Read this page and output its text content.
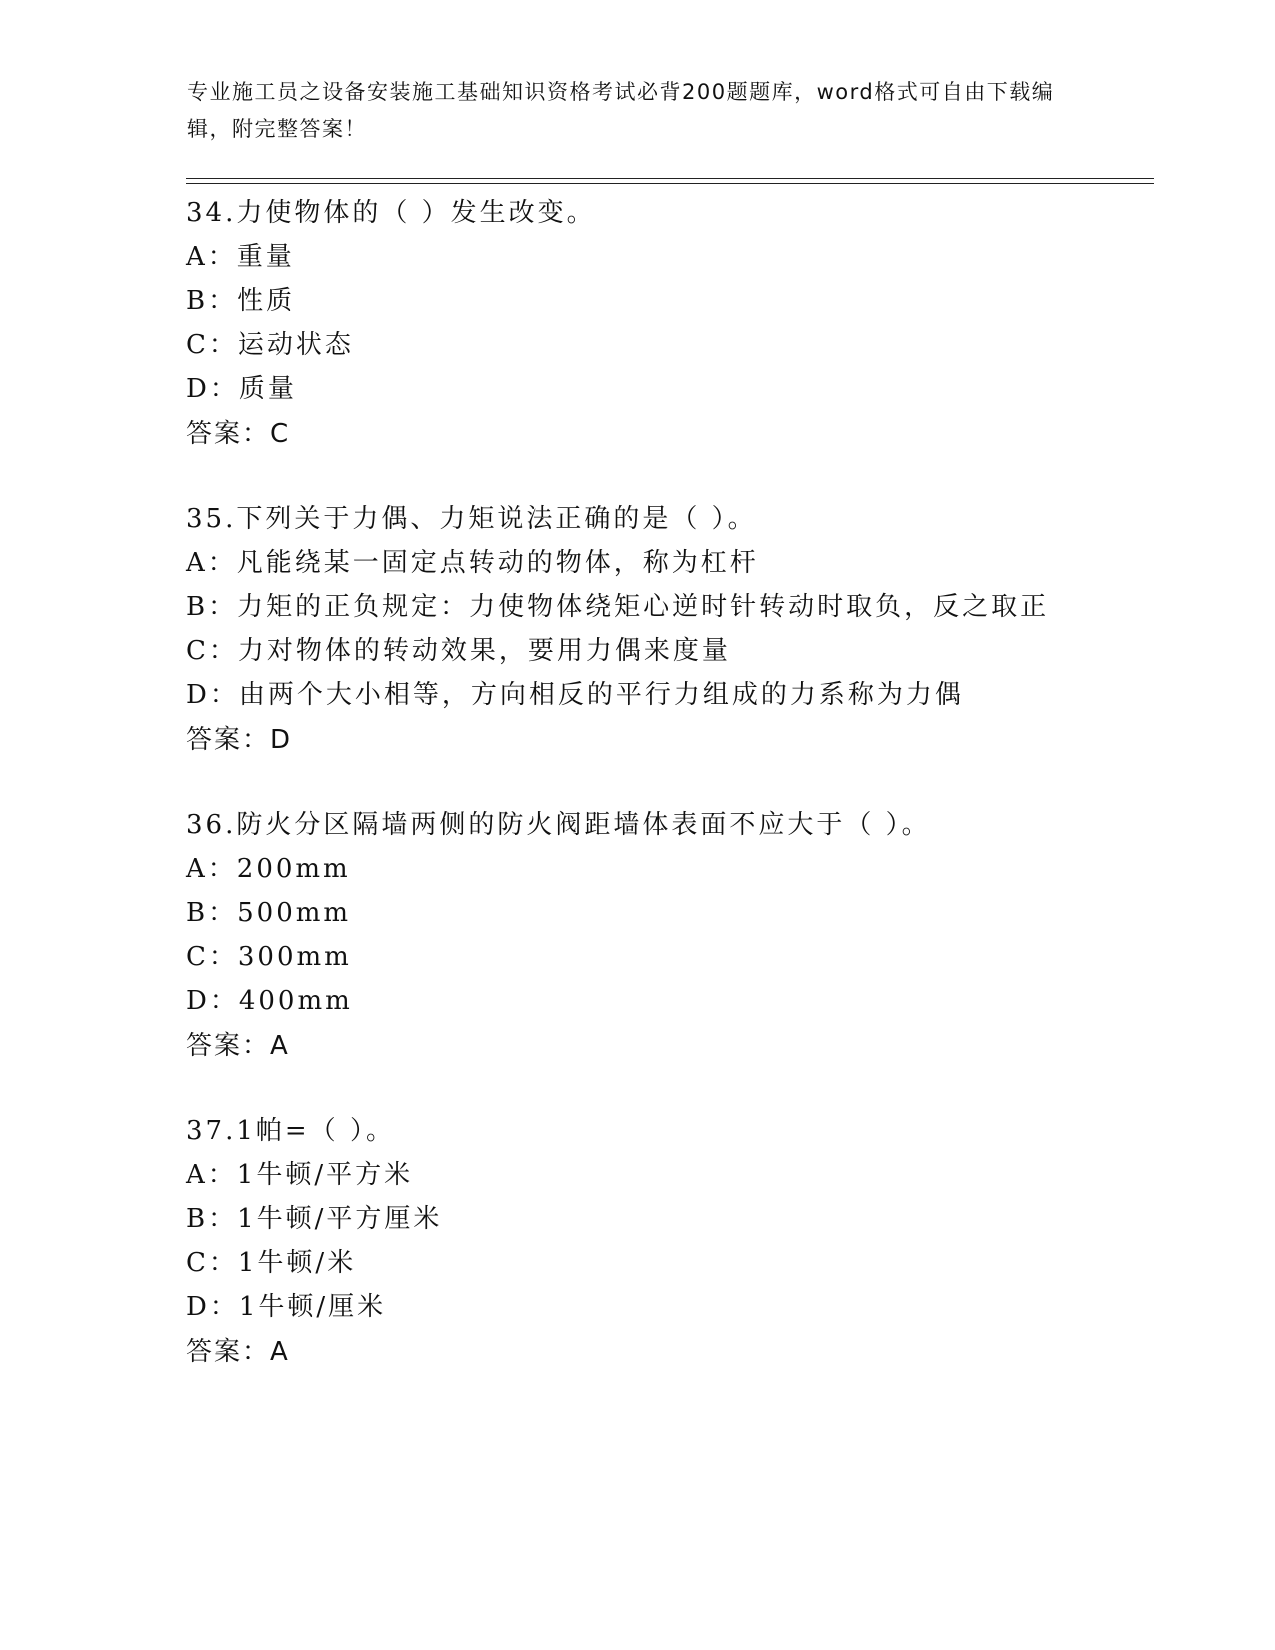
专业施工员之设备安装施工基础知识资格考试必背200题题库，word格式可自由下载编辑，附完整答案！
34.力使物体的（ ）发生改变。
A：重量
B：性质
C：运动状态
D：质量
答案：C
35.下列关于力偶、力矩说法正确的是（ ）。
A：凡能绕某一固定点转动的物体，称为杠杆
B：力矩的正负规定：力使物体绕矩心逆时针转动时取负，反之取正
C：力对物体的转动效果，要用力偶来度量
D：由两个大小相等，方向相反的平行力组成的力系称为力偶
答案：D
36.防火分区隔墙两侧的防火阀距墙体表面不应大于（ ）。
A：200mm
B：500mm
C：300mm
D：400mm
答案：A
37.1帕=（ ）。
A：1牛顿/平方米
B：1牛顿/平方厘米
C：1牛顿/米
D：1牛顿/厘米
答案：A
